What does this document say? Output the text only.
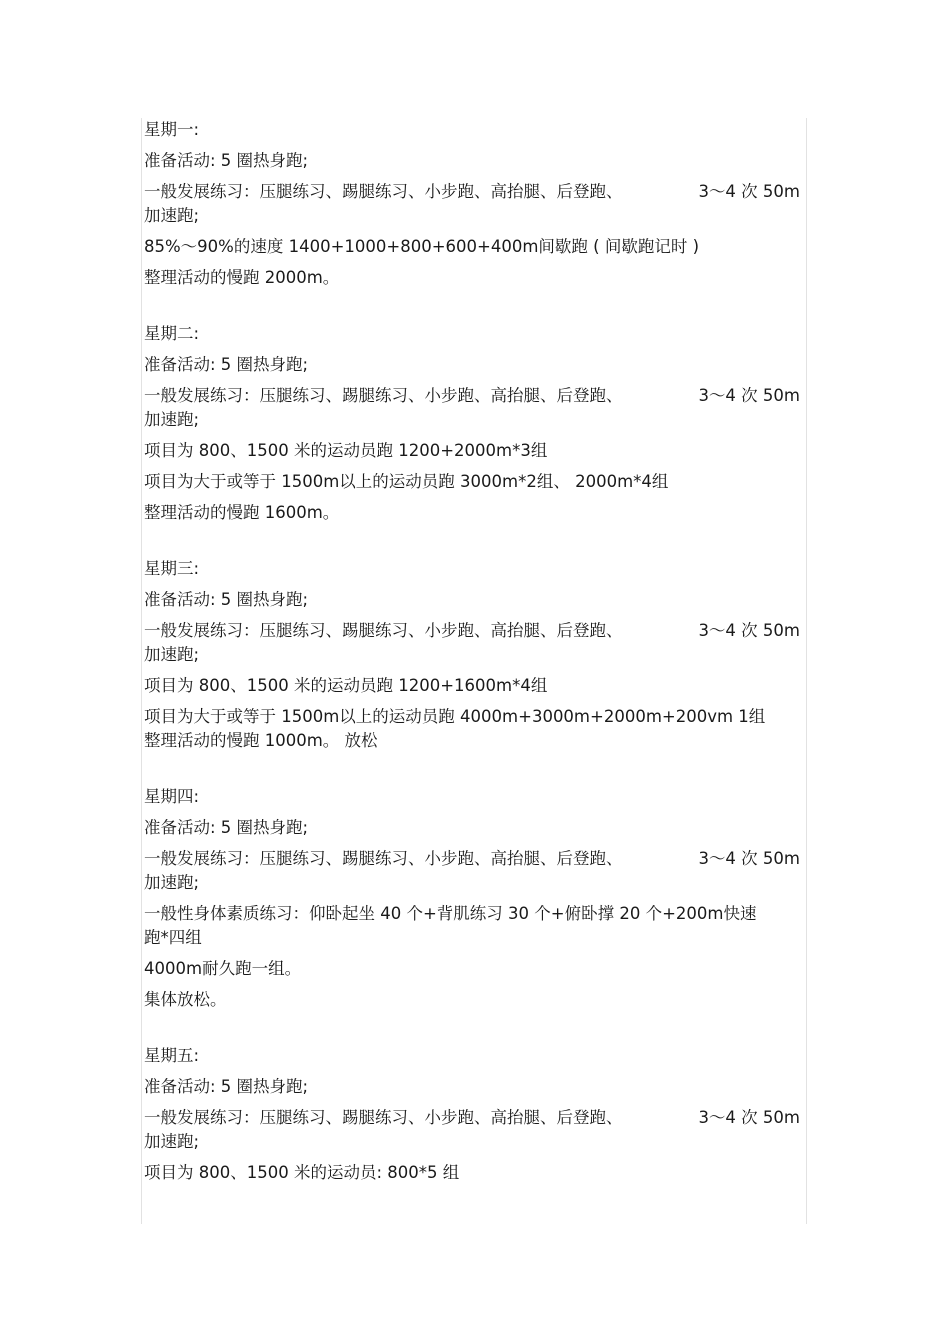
星期一:
准备活动: 5 圈热身跑;
一般发展练习：压腿练习、踢腿练习、小步跑、高抬腿、后登跑、	3～4 次 50m
加速跑;
85%～90%的速度 1400+1000+800+600+400m间歇跑 ( 间歇跑记时 )
整理活动的慢跑 2000m。
星期二:
准备活动: 5 圈热身跑;
一般发展练习：压腿练习、踢腿练习、小步跑、高抬腿、后登跑、	3～4 次 50m
加速跑;
项目为 800、1500 米的运动员跑 1200+2000m*3组
项目为大于或等于 1500m以上的运动员跑 3000m*2组、 2000m*4组
整理活动的慢跑 1600m。
星期三:
准备活动: 5 圈热身跑;
一般发展练习：压腿练习、踢腿练习、小步跑、高抬腿、后登跑、	3～4 次 50m
加速跑;
项目为 800、1500 米的运动员跑 1200+1600m*4组
项目为大于或等于 1500m以上的运动员跑 4000m+3000m+2000m+200vm 1组
整理活动的慢跑 1000m。 放松
星期四:
准备活动: 5 圈热身跑;
一般发展练习：压腿练习、踢腿练习、小步跑、高抬腿、后登跑、	3～4 次 50m
加速跑;
一般性身体素质练习：仰卧起坐 40 个+背肌练习 30 个+俯卧撑 20 个+200m快速
跑*四组
4000m耐久跑一组。
集体放松。
星期五:
准备活动: 5 圈热身跑;
一般发展练习：压腿练习、踢腿练习、小步跑、高抬腿、后登跑、	3～4 次 50m
加速跑;
项目为 800、1500 米的运动员: 800*5 组
